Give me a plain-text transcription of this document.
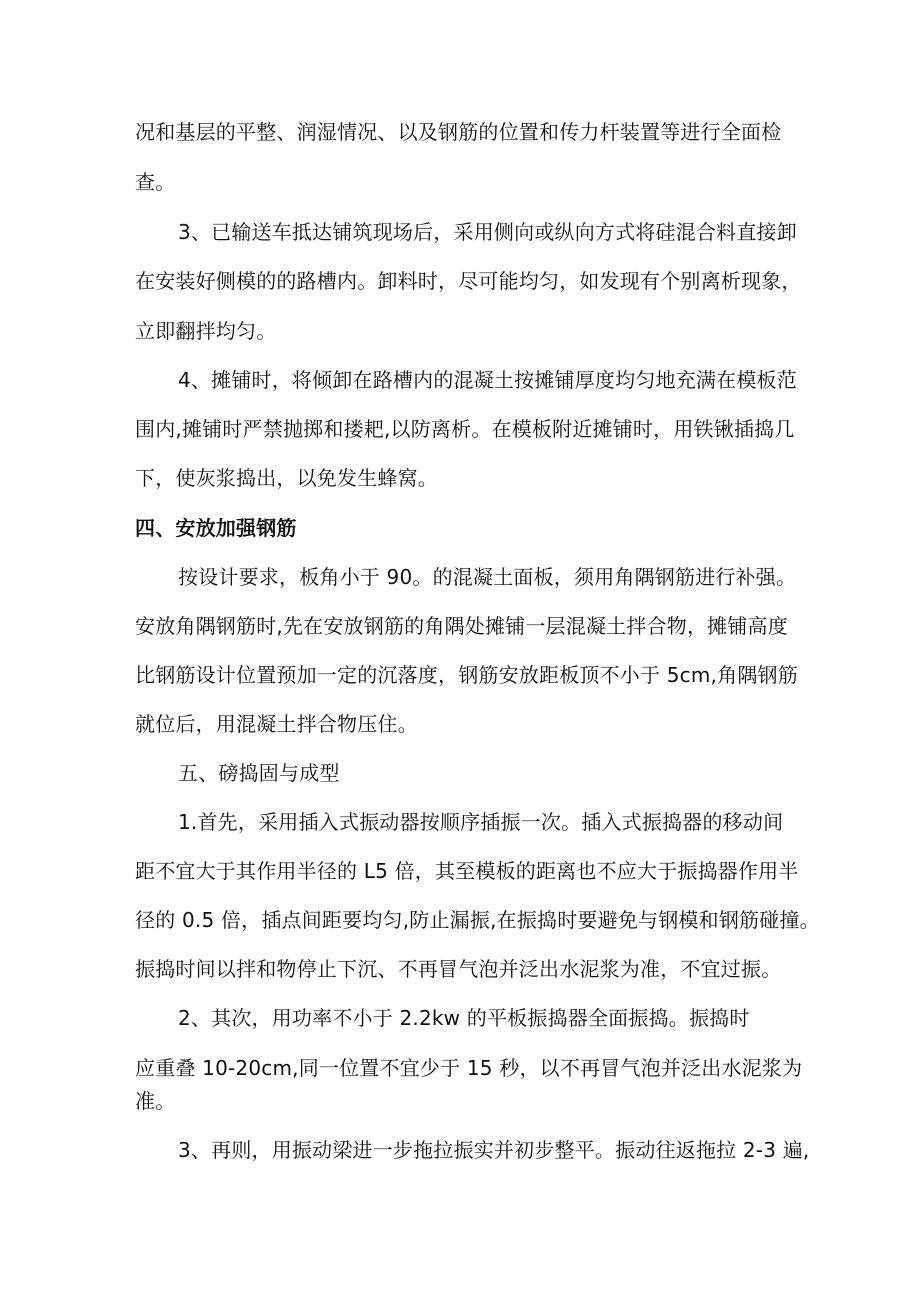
况和基层的平整、润湿情况、以及钢筋的位置和传力杆装置等进行全面检
查。
3、已输送车抵达铺筑现场后，采用侧向或纵向方式将硅混合料直接卸
在安装好侧模的的路槽内。卸料时，尽可能均匀，如发现有个别离析现象，
立即翻拌均匀。
4、摊铺时，将倾卸在路槽内的混凝土按摊铺厚度均匀地充满在模板范
围内,摊铺时严禁抛掷和搂耙,以防离析。在模板附近摊铺时，用铁锹插捣几
下，使灰浆捣出，以免发生蜂窝。
四、安放加强钢筋
按设计要求，板角小于 90。的混凝土面板，须用角隅钢筋进行补强。
安放角隅钢筋时,先在安放钢筋的角隅处摊铺一层混凝土拌合物，摊铺高度
比钢筋设计位置预加一定的沉落度，钢筋安放距板顶不小于 5cm,角隅钢筋
就位后，用混凝土拌合物压住。
五、磅捣固与成型
1.首先，采用插入式振动器按顺序插振一次。插入式振捣器的移动间
距不宜大于其作用半径的 L5 倍，其至模板的距离也不应大于振捣器作用半
径的 0.5 倍，插点间距要均匀,防止漏振,在振捣时要避免与钢模和钢筋碰撞。
振捣时间以拌和物停止下沉、不再冒气泡并泛出水泥浆为准，不宜过振。
2、其次，用功率不小于 2.2kw 的平板振捣器全面振捣。振捣时
应重叠 10-20cm,同一位置不宜少于 15 秒，以不再冒气泡并泛出水泥浆为
准。
3、再则，用振动梁进一步拖拉振实并初步整平。振动往返拖拉 2-3 遍,
